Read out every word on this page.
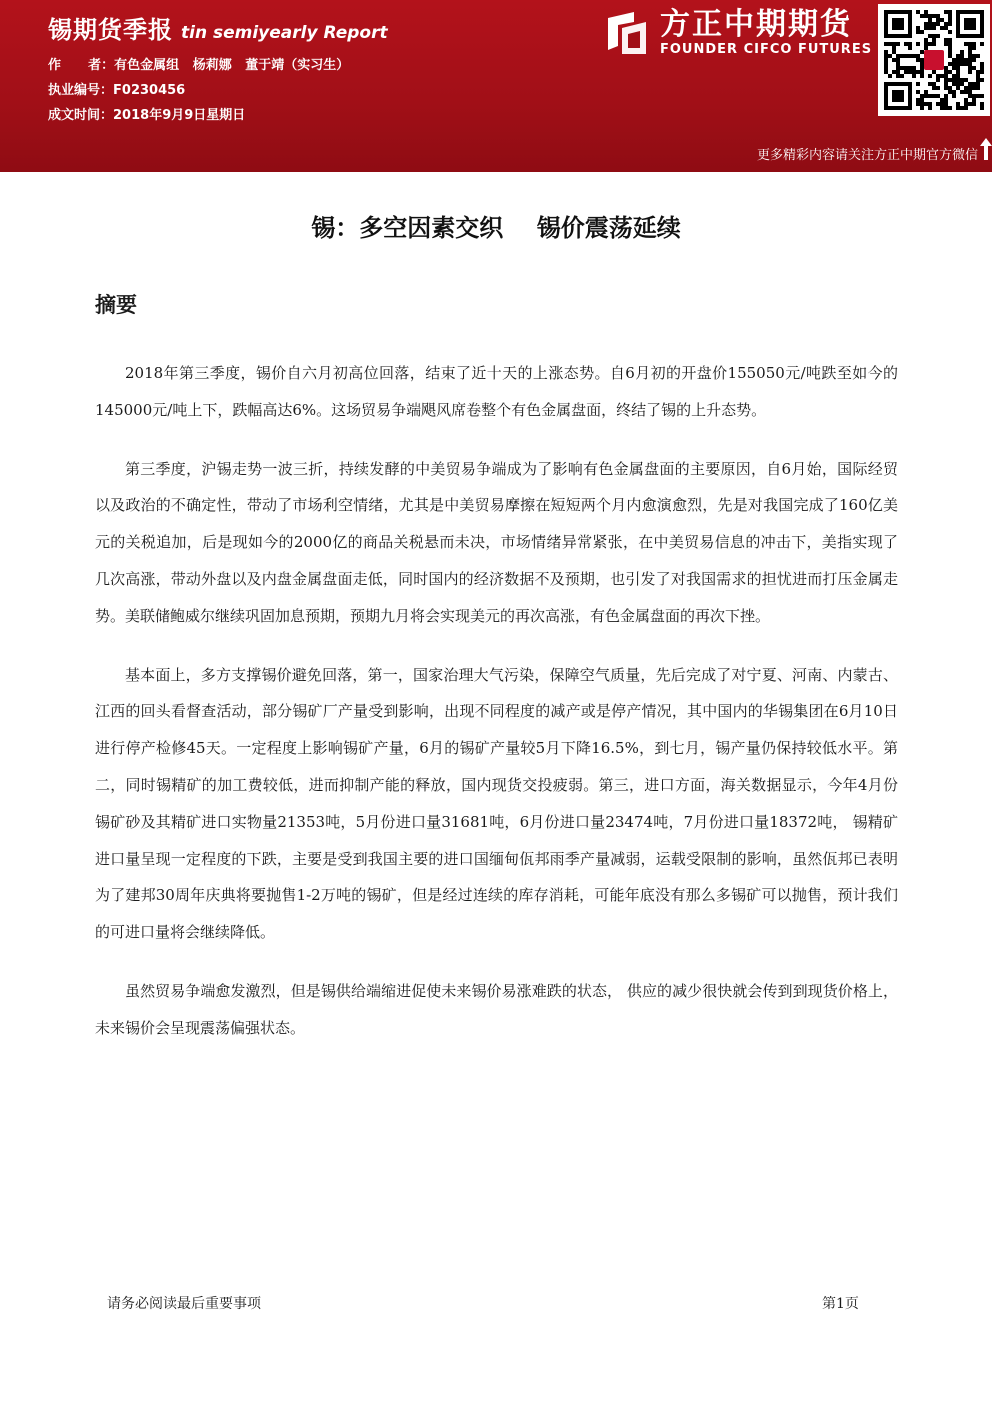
锡期货季报 tin semiyearly Report
作      者：有色金属组   杨莉娜   董于靖（实习生）
执业编号：F0230456
成文时间：2018年9月9日星期日
方正中期期货
FOUNDER CIFCO FUTURES
更多精彩内容请关注方正中期官方微信
锡：多空因素交织    锡价震荡延续
摘要

2018年第三季度，锡价自六月初高位回落，结束了近十天的上涨态势。自6月初的开盘价155050元/吨跌至如今的145000元/吨上下，跌幅高达6%。这场贸易争端飓风席卷整个有色金属盘面，终结了锡的上升态势。

第三季度，沪锡走势一波三折，持续发酵的中美贸易争端成为了影响有色金属盘面的主要原因，自6月始，国际经贸以及政治的不确定性，带动了市场利空情绪，尤其是中美贸易摩擦在短短两个月内愈演愈烈，先是对我国完成了160亿美元的关税追加，后是现如今的2000亿的商品关税悬而未决，市场情绪异常紧张，在中美贸易信息的冲击下，美指实现了几次高涨，带动外盘以及内盘金属盘面走低，同时国内的经济数据不及预期，也引发了对我国需求的担忧进而打压金属走势。美联储鲍威尔继续巩固加息预期，预期九月将会实现美元的再次高涨，有色金属盘面的再次下挫。

基本面上，多方支撑锡价避免回落，第一，国家治理大气污染，保障空气质量，先后完成了对宁夏、河南、内蒙古、江西的回头看督查活动，部分锡矿厂产量受到影响，出现不同程度的减产或是停产情况，其中国内的华锡集团在6月10日进行停产检修45天。一定程度上影响锡矿产量，6月的锡矿产量较5月下降16.5%，到七月，锡产量仍保持较低水平。第二，同时锡精矿的加工费较低，进而抑制产能的释放，国内现货交投疲弱。第三，进口方面，海关数据显示，今年4月份锡矿砂及其精矿进口实物量21353吨，5月份进口量31681吨，6月份进口量23474吨，7月份进口量18372吨， 锡精矿进口量呈现一定程度的下跌，主要是受到我国主要的进口国缅甸佤邦雨季产量减弱，运载受限制的影响，虽然佤邦已表明为了建邦30周年庆典将要抛售1-2万吨的锡矿，但是经过连续的库存消耗，可能年底没有那么多锡矿可以抛售，预计我们的可进口量将会继续降低。

虽然贸易争端愈发激烈，但是锡供给端缩进促使未来锡价易涨难跌的状态， 供应的减少很快就会传到到现货价格上，未来锡价会呈现震荡偏强状态。

请务必阅读最后重要事项	第1页
